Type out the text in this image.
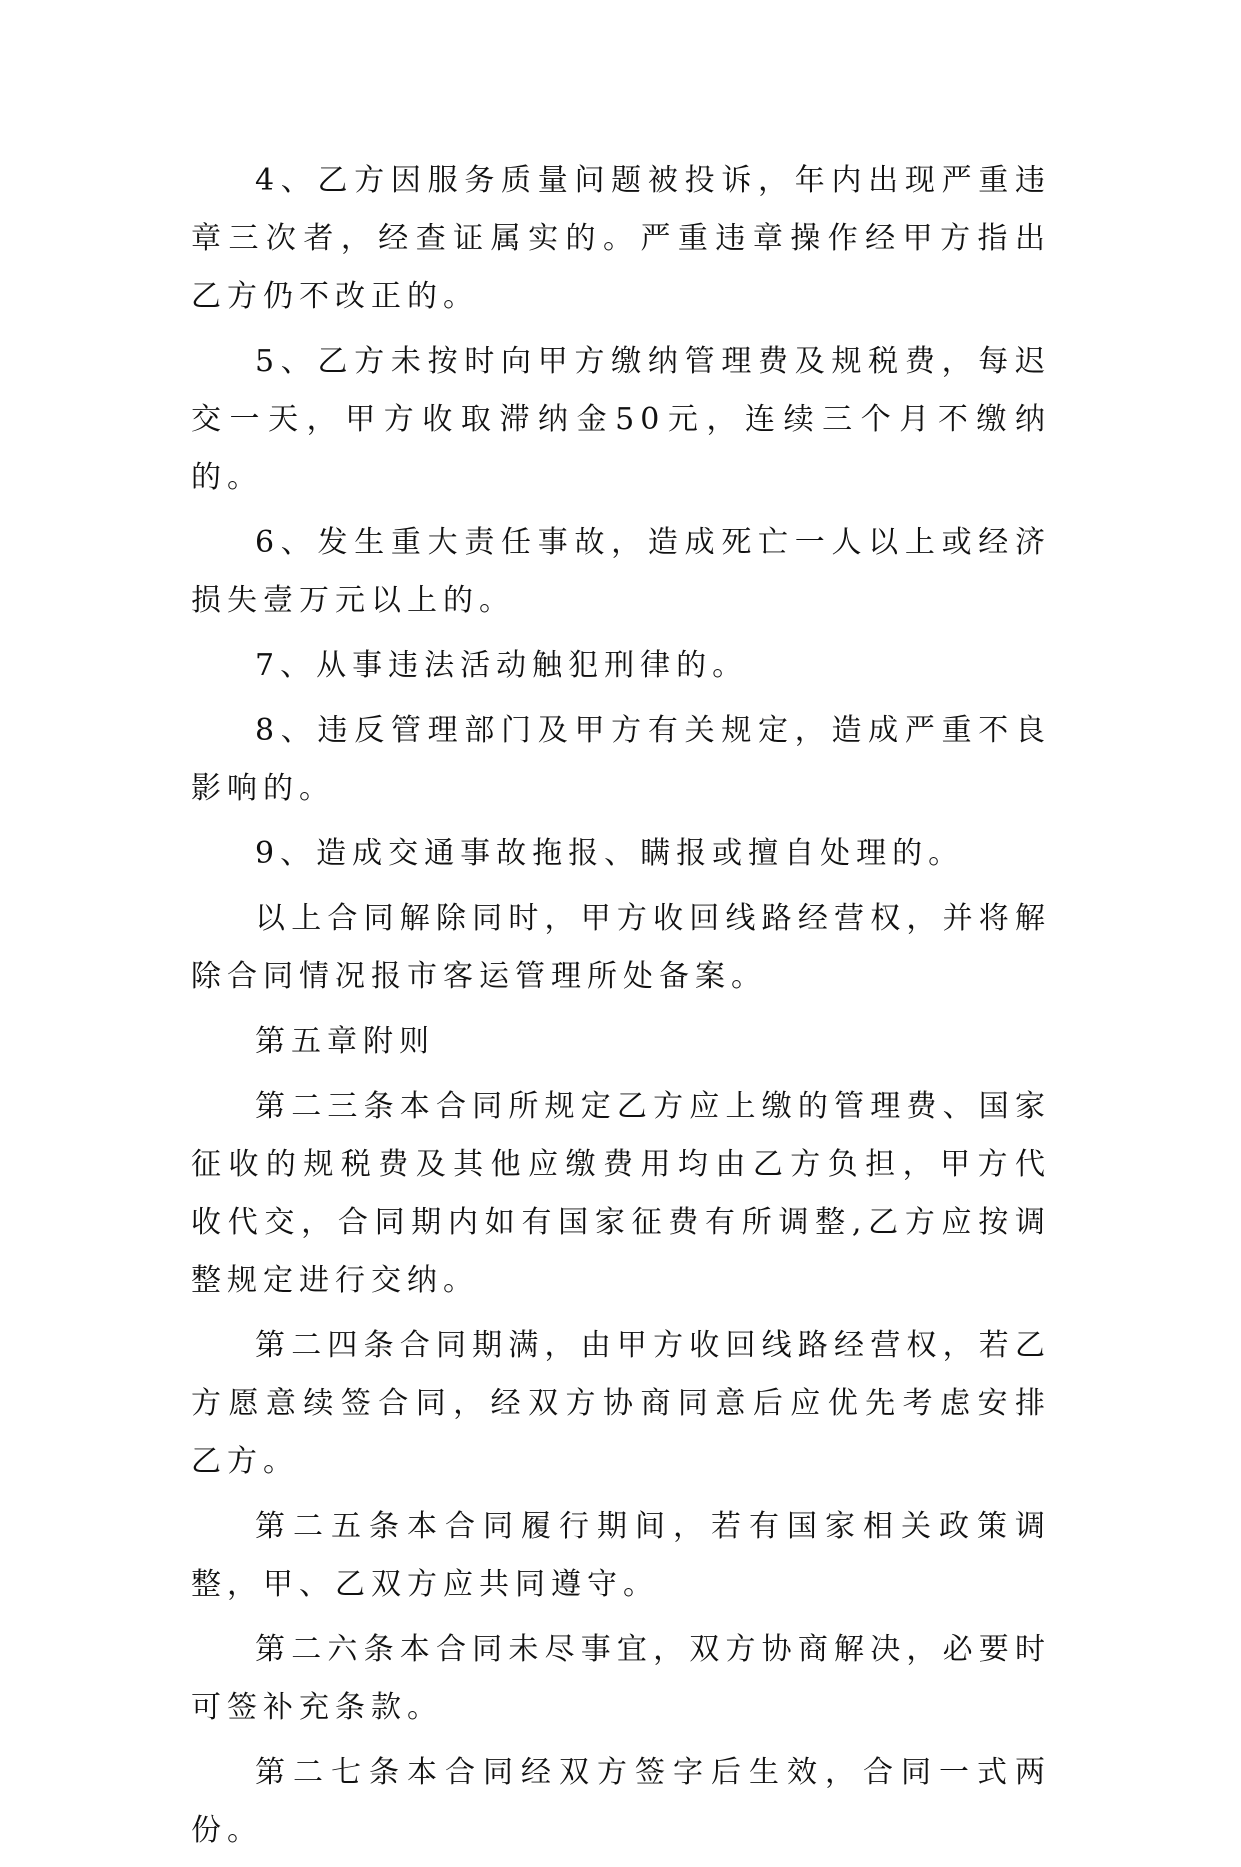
4、乙方因服务质量问题被投诉，年内出现严重违章三次者，经查证属实的。严重违章操作经甲方指出乙方仍不改正的。

5、乙方未按时向甲方缴纳管理费及规税费，每迟交一天，甲方收取滞纳金50元，连续三个月不缴纳的。

6、发生重大责任事故，造成死亡一人以上或经济损失壹万元以上的。

7、从事违法活动触犯刑律的。

8、违反管理部门及甲方有关规定，造成严重不良影响的。

9、造成交通事故拖报、瞒报或擅自处理的。

以上合同解除同时，甲方收回线路经营权，并将解除合同情况报市客运管理所处备案。

第五章附则

第二三条本合同所规定乙方应上缴的管理费、国家征收的规税费及其他应缴费用均由乙方负担，甲方代收代交，合同期内如有国家征费有所调整,乙方应按调整规定进行交纳。

第二四条合同期满，由甲方收回线路经营权，若乙方愿意续签合同，经双方协商同意后应优先考虑安排乙方。

第二五条本合同履行期间，若有国家相关政策调整，甲、乙双方应共同遵守。

第二六条本合同未尽事宜，双方协商解决，必要时可签补充条款。

第二七条本合同经双方签字后生效，合同一式两份。
